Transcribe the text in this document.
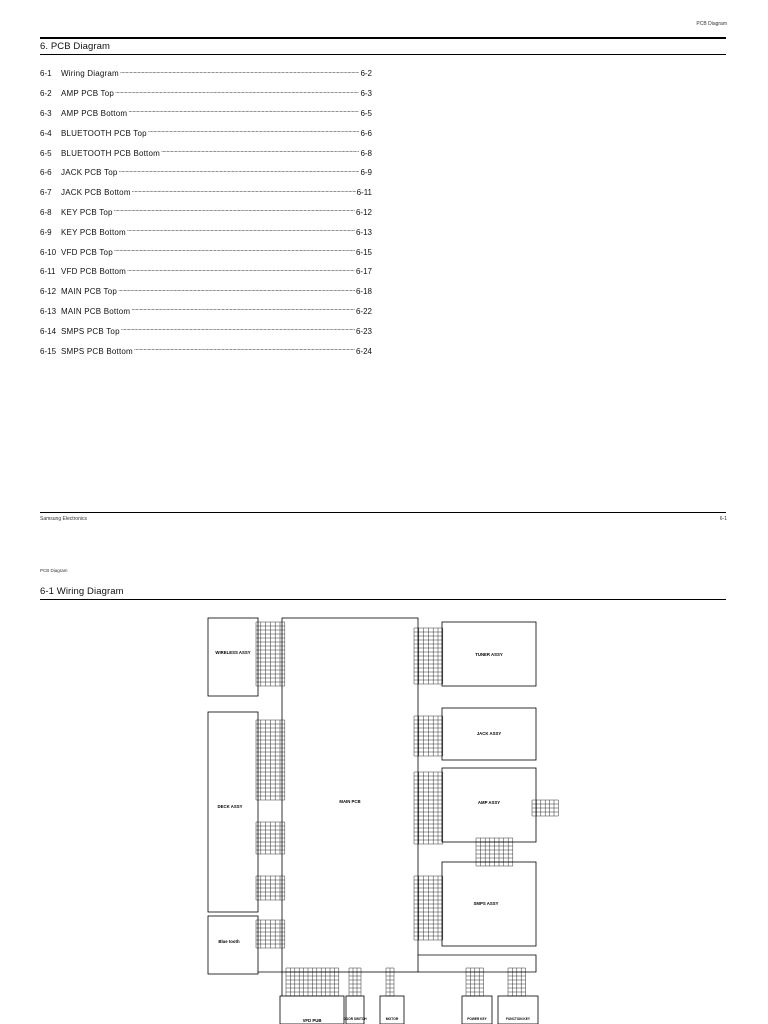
PCB Diagram
6. PCB Diagram
6-1	Wiring Diagram .....	6-2
6-2	AMP PCB Top .....	6-3
6-3	AMP PCB Bottom .....	6-5
6-4	BLUETOOTH PCB Top .....	6-6
6-5	BLUETOOTH PCB Bottom .....	6-8
6-6	JACK PCB Top .....	6-9
6-7	JACK PCB Bottom .....	6-11
6-8	KEY PCB Top .....	6-12
6-9	KEY PCB Bottom .....	6-13
6-10 VFD PCB Top .....	6-15
6-11 VFD PCB Bottom .....	6-17
6-12 MAIN PCB Top .....	6-18
6-13 MAIN PCB Bottom .....	6-22
6-14 SMPS PCB Top .....	6-23
6-15 SMPS PCB Bottom .....	6-24
Samsung Electronics	6-1
PCB Diagram
6-1 Wiring Diagram
MAIN PCB
TUNER ASSY
JACK ASSY
AMP ASSY
SMPS ASSY
WIRELESS ASSY
DECK ASSY
Blue tooth
VFD PUB	DOOR SWITCH	MOTOR	POWER KEY	FUNCTION KEY
